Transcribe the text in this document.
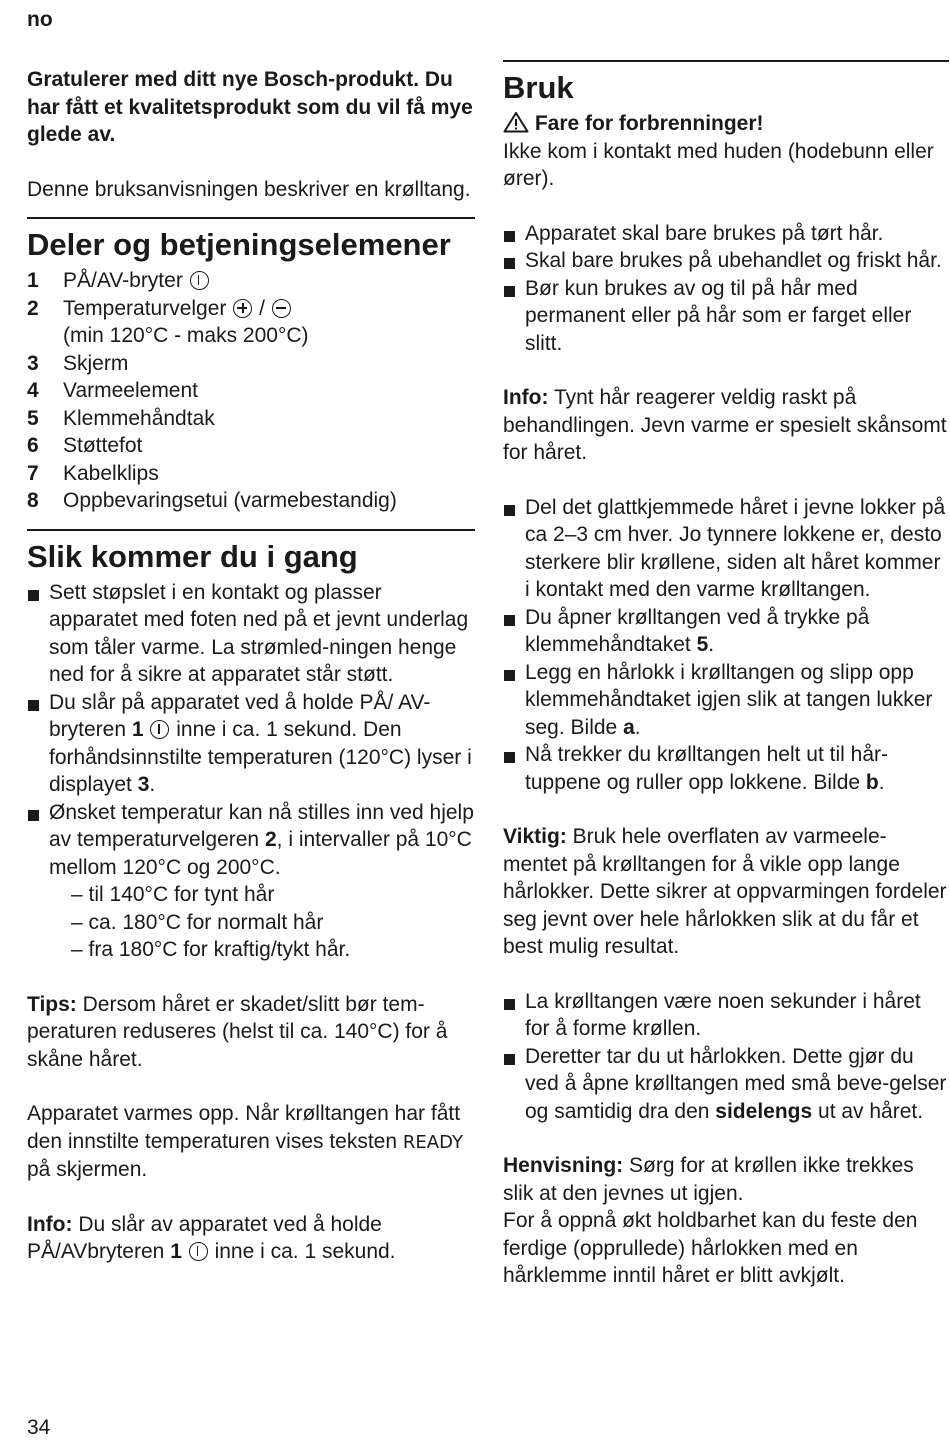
no

Gratulerer med ditt nye Bosch-produkt. Du har fått et kvalitetsprodukt som du vil få mye glede av.

Denne bruksanvisningen beskriver en krølltang.

Deler og betjeningselemener
1	PÅ/AV-bryter
2	Temperaturvelger /
(min 120°C - maks 200°C)
3	Skjerm
4	Varmeelement
5	Klemmehåndtak
6	Støttefot
7	Kabelklips
8	Oppbevaringsetui (varmebestandig)
Slik kommer du i gang
Sett støpslet i en kontakt og plasser apparatet med foten ned på et jevnt underlag som tåler varme. La strømled-ningen henge ned for å sikre at apparatet står støtt.
Du slår på apparatet ved å holde PÅ/ AV-bryteren 1 inne i ca. 1 sekund. Den forhåndsinnstilte temperaturen (120°C) lyser i displayet 3.
Ønsket temperatur kan nå stilles inn ved hjelp av temperaturvelgeren 2, i intervaller på 10°C mellom 120°C og 200°C.
– til 140°C for tynt hår
– ca. 180°C for normalt hår
– fra 180°C for kraftig/tykt hår.

Tips: Dersom håret er skadet/slitt bør tem-peraturen reduseres (helst til ca. 140°C) for å skåne håret.

Apparatet varmes opp. Når krølltangen har fått den innstilte temperaturen vises teksten READY på skjermen.

Info: Du slår av apparatet ved å holde PÅ/AVbryteren 1 inne i ca. 1 sekund.

Bruk

Fare for forbrenninger!

Ikke kom i kontakt med huden (hodebunn eller ører).

Apparatet skal bare brukes på tørt hår.
Skal bare brukes på ubehandlet og friskt hår.
Bør kun brukes av og til på hår med permanent eller på hår som er farget eller slitt.

Info: Tynt hår reagerer veldig raskt på behandlingen. Jevn varme er spesielt skånsomt for håret.

Del det glattkjemmede håret i jevne lokker på ca 2–3 cm hver. Jo tynnere lokkene er, desto sterkere blir krøllene, siden alt håret kommer i kontakt med den varme krølltangen.
Du åpner krølltangen ved å trykke på klemmehåndtaket 5.
Legg en hårlokk i krølltangen og slipp opp klemmehåndtaket igjen slik at tangen lukker seg. Bilde a.
Nå trekker du krølltangen helt ut til hår-tuppene og ruller opp lokkene. Bilde b.

Viktig: Bruk hele overflaten av varmeele-mentet på krølltangen for å vikle opp lange hårlokker. Dette sikrer at oppvarmingen fordeler seg jevnt over hele hårlokken slik at du får et best mulig resultat.

La krølltangen være noen sekunder i håret for å forme krøllen.
Deretter tar du ut hårlokken. Dette gjør du ved å åpne krølltangen med små beve-gelser og samtidig dra den sidelengs ut av håret.

Henvisning: Sørg for at krøllen ikke trekkes slik at den jevnes ut igjen.

For å oppnå økt holdbarhet kan du feste den ferdige (opprullede) hårlokken med en hårklemme inntil håret er blitt avkjølt.

34
